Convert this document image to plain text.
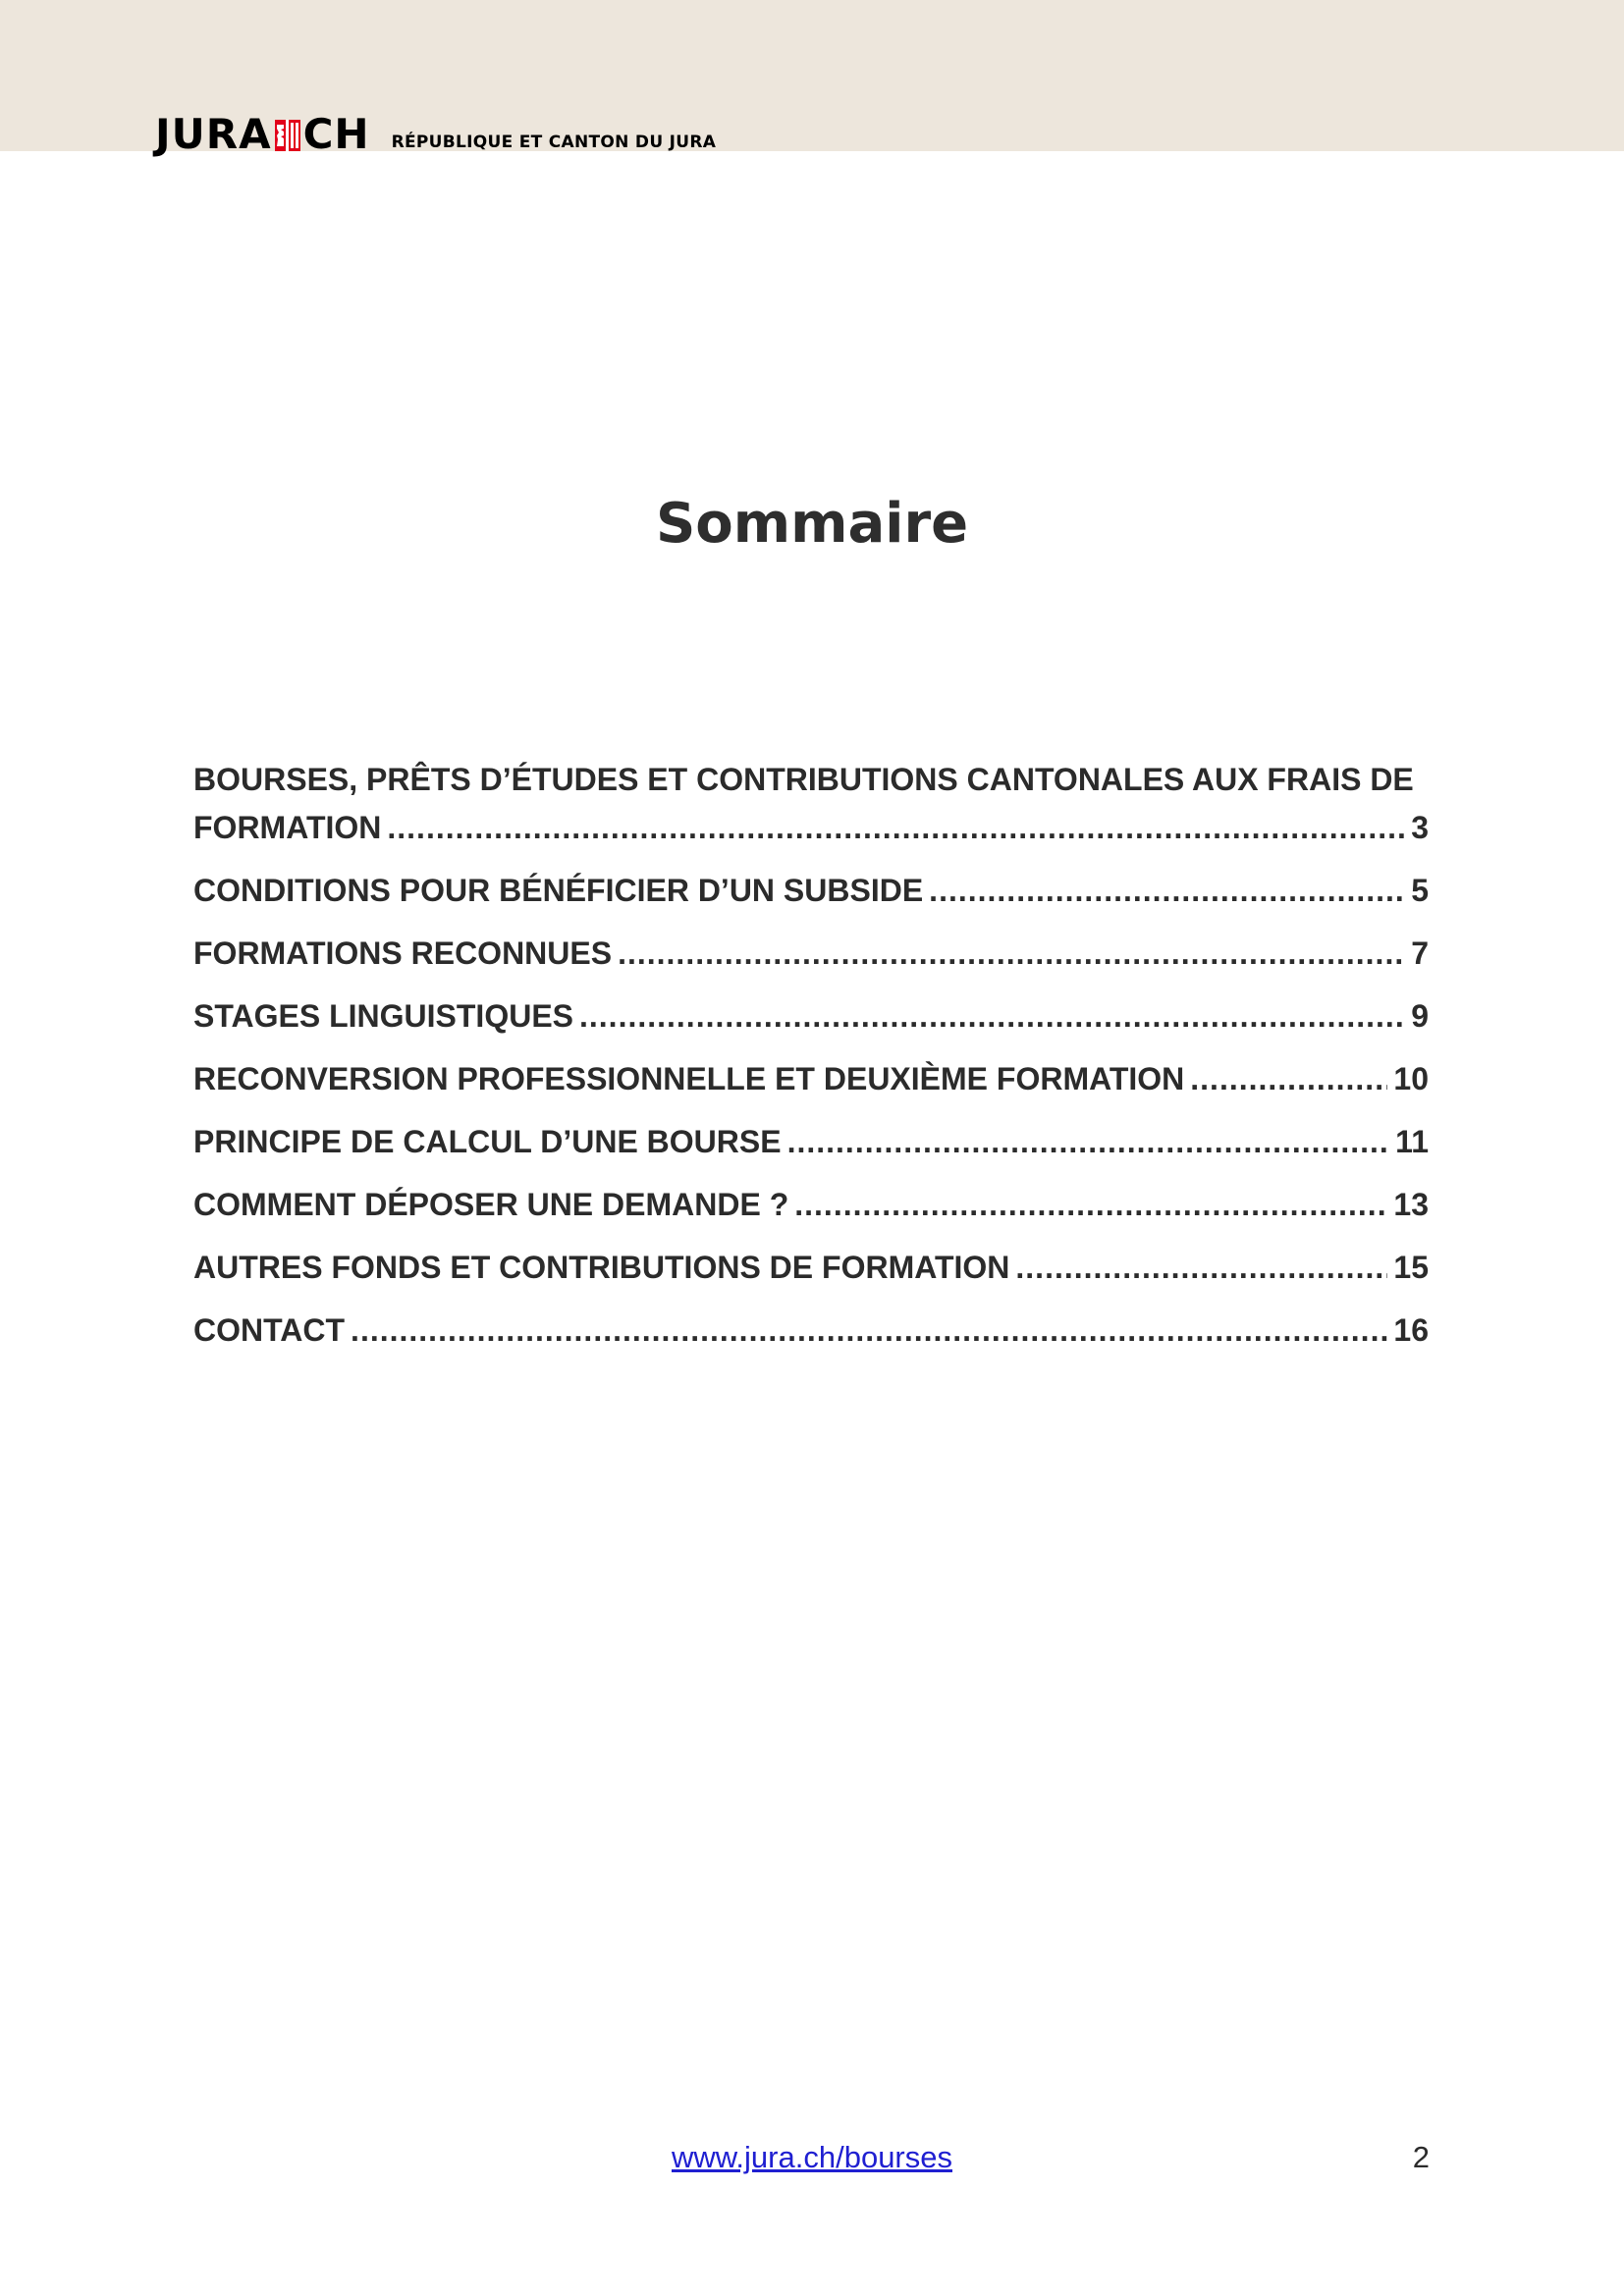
JURA CH RÉPUBLIQUE ET CANTON DU JURA
Sommaire
BOURSES, PRÊTS D’ÉTUDES ET CONTRIBUTIONS CANTONALES AUX FRAIS DE
FORMATION .....	3
CONDITIONS POUR BÉNÉFICIER D’UN SUBSIDE .....	5
FORMATIONS RECONNUES .....	7
STAGES LINGUISTIQUES .....	9
RECONVERSION PROFESSIONNELLE ET DEUXIÈME FORMATION .....	10
PRINCIPE DE CALCUL D’UNE BOURSE .....	11
COMMENT DÉPOSER UNE DEMANDE ? .....	13
AUTRES FONDS ET CONTRIBUTIONS DE FORMATION .....	15
CONTACT .....	16
www.jura.ch/bourses	2
